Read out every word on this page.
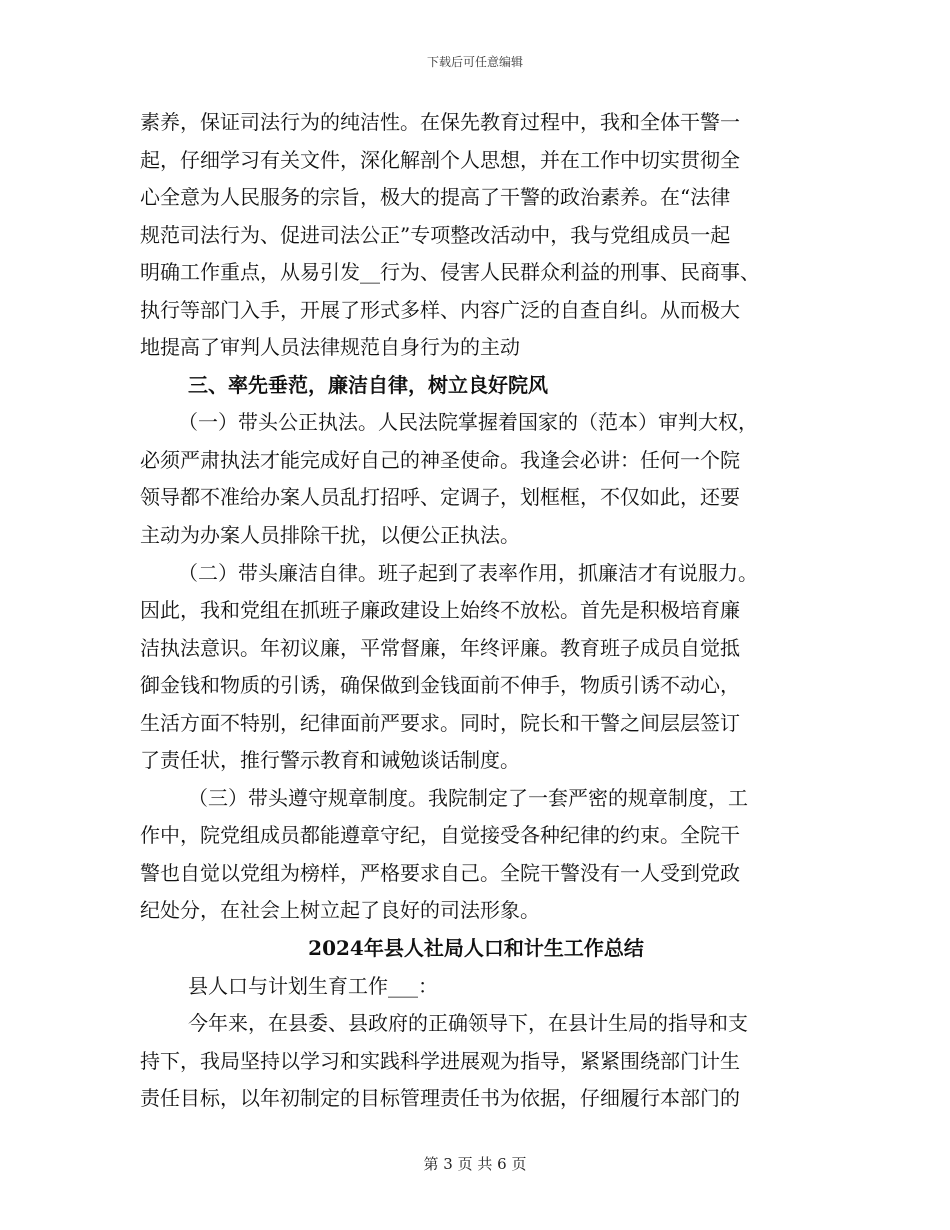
下载后可任意编辑
素养，保证司法行为的纯洁性。在保先教育过程中，我和全体干警一
起，仔细学习有关文件，深化解剖个人思想，并在工作中切实贯彻全
心全意为人民服务的宗旨，极大的提高了干警的政治素养。在“法律
规范司法行为、促进司法公正”专项整改活动中，我与党组成员一起
明确工作重点，从易引发__行为、侵害人民群众利益的刑事、民商事、
执行等部门入手，开展了形式多样、内容广泛的自查自纠。从而极大
地提高了审判人员法律规范自身行为的主动
三、率先垂范，廉洁自律，树立良好院风
（一）带头公正执法。人民法院掌握着国家的（范本）审判大权，
必须严肃执法才能完成好自己的神圣使命。我逢会必讲：任何一个院
领导都不准给办案人员乱打招呼、定调子，划框框，不仅如此，还要
主动为办案人员排除干扰，以便公正执法。
（二）带头廉洁自律。班子起到了表率作用，抓廉洁才有说服力。
因此，我和党组在抓班子廉政建设上始终不放松。首先是积极培育廉
洁执法意识。年初议廉，平常督廉，年终评廉。教育班子成员自觉抵
御金钱和物质的引诱，确保做到金钱面前不伸手，物质引诱不动心，
生活方面不特别，纪律面前严要求。同时，院长和干警之间层层签订
了责任状，推行警示教育和诫勉谈话制度。
（三）带头遵守规章制度。我院制定了一套严密的规章制度，工
作中，院党组成员都能遵章守纪，自觉接受各种纪律的约束。全院干
警也自觉以党组为榜样，严格要求自己。全院干警没有一人受到党政
纪处分，在社会上树立起了良好的司法形象。
2024年县人社局人口和计生工作总结
县人口与计划生育工作___：
今年来，在县委、县政府的正确领导下，在县计生局的指导和支
持下，我局坚持以学习和实践科学进展观为指导，紧紧围绕部门计生
责任目标，以年初制定的目标管理责任书为依据，仔细履行本部门的
第 3 页 共 6 页
